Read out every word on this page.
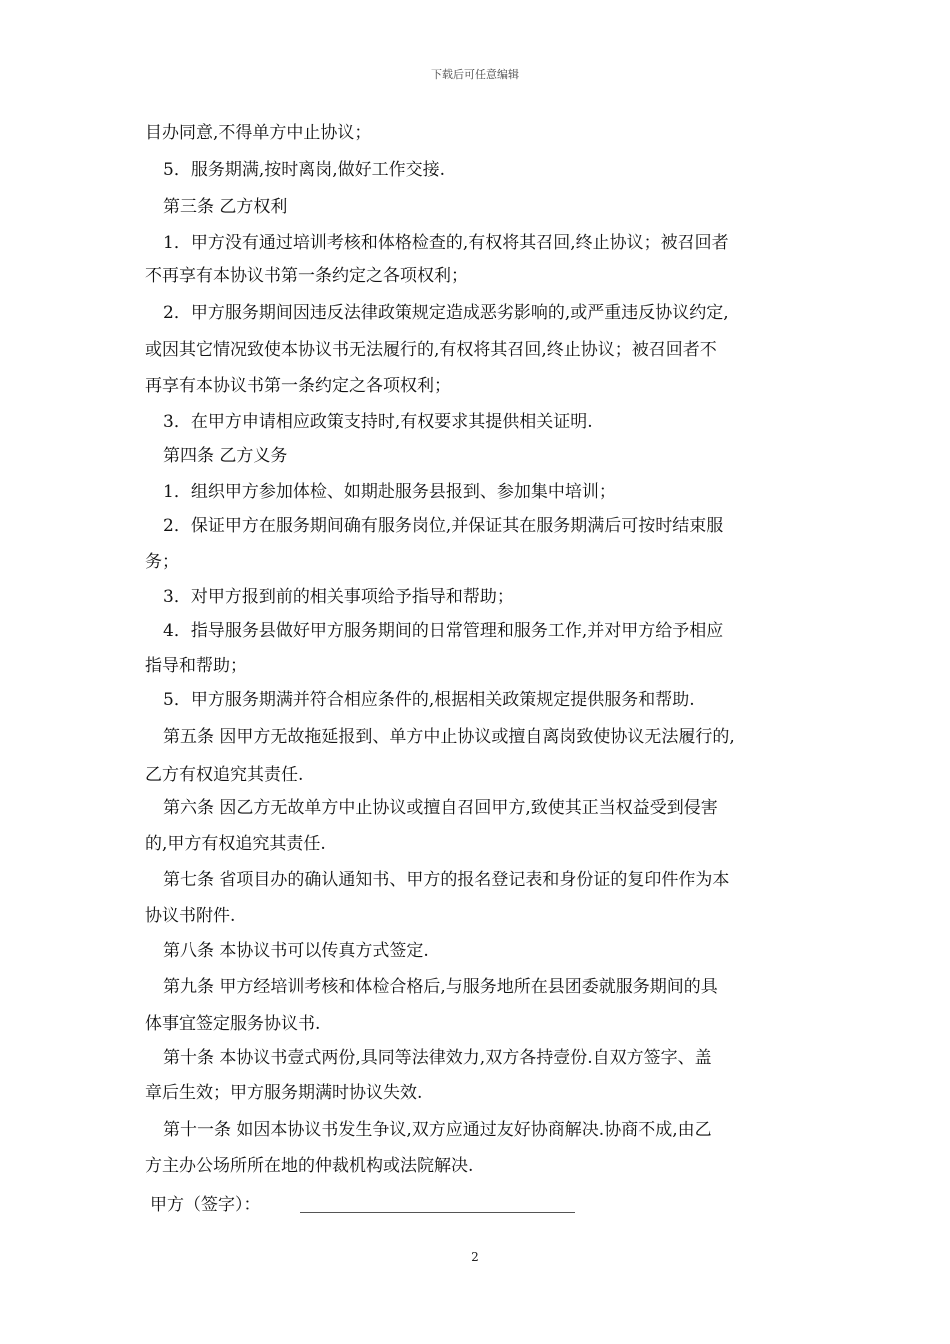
下载后可任意编辑
目办同意,不得单方中止协议；
5．服务期满,按时离岗,做好工作交接.
第三条 乙方权利
1．甲方没有通过培训考核和体格检查的,有权将其召回,终止协议；被召回者
不再享有本协议书第一条约定之各项权利；
2．甲方服务期间因违反法律政策规定造成恶劣影响的,或严重违反协议约定,
或因其它情况致使本协议书无法履行的,有权将其召回,终止协议；被召回者不
再享有本协议书第一条约定之各项权利；
3．在甲方申请相应政策支持时,有权要求其提供相关证明.
第四条 乙方义务
1．组织甲方参加体检、如期赴服务县报到、参加集中培训；
2．保证甲方在服务期间确有服务岗位,并保证其在服务期满后可按时结束服
务；
3．对甲方报到前的相关事项给予指导和帮助；
4．指导服务县做好甲方服务期间的日常管理和服务工作,并对甲方给予相应
指导和帮助；
5．甲方服务期满并符合相应条件的,根据相关政策规定提供服务和帮助.
第五条 因甲方无故拖延报到、单方中止协议或擅自离岗致使协议无法履行的,
乙方有权追究其责任.
第六条 因乙方无故单方中止协议或擅自召回甲方,致使其正当权益受到侵害
的,甲方有权追究其责任.
第七条 省项目办的确认通知书、甲方的报名登记表和身份证的复印件作为本
协议书附件.
第八条 本协议书可以传真方式签定.
第九条 甲方经培训考核和体检合格后,与服务地所在县团委就服务期间的具
体事宜签定服务协议书.
第十条 本协议书壹式两份,具同等法律效力,双方各持壹份.自双方签字、盖
章后生效；甲方服务期满时协议失效.
第十一条 如因本协议书发生争议,双方应通过友好协商解决.协商不成,由乙
方主办公场所所在地的仲裁机构或法院解决.
甲方（签字）：
2
